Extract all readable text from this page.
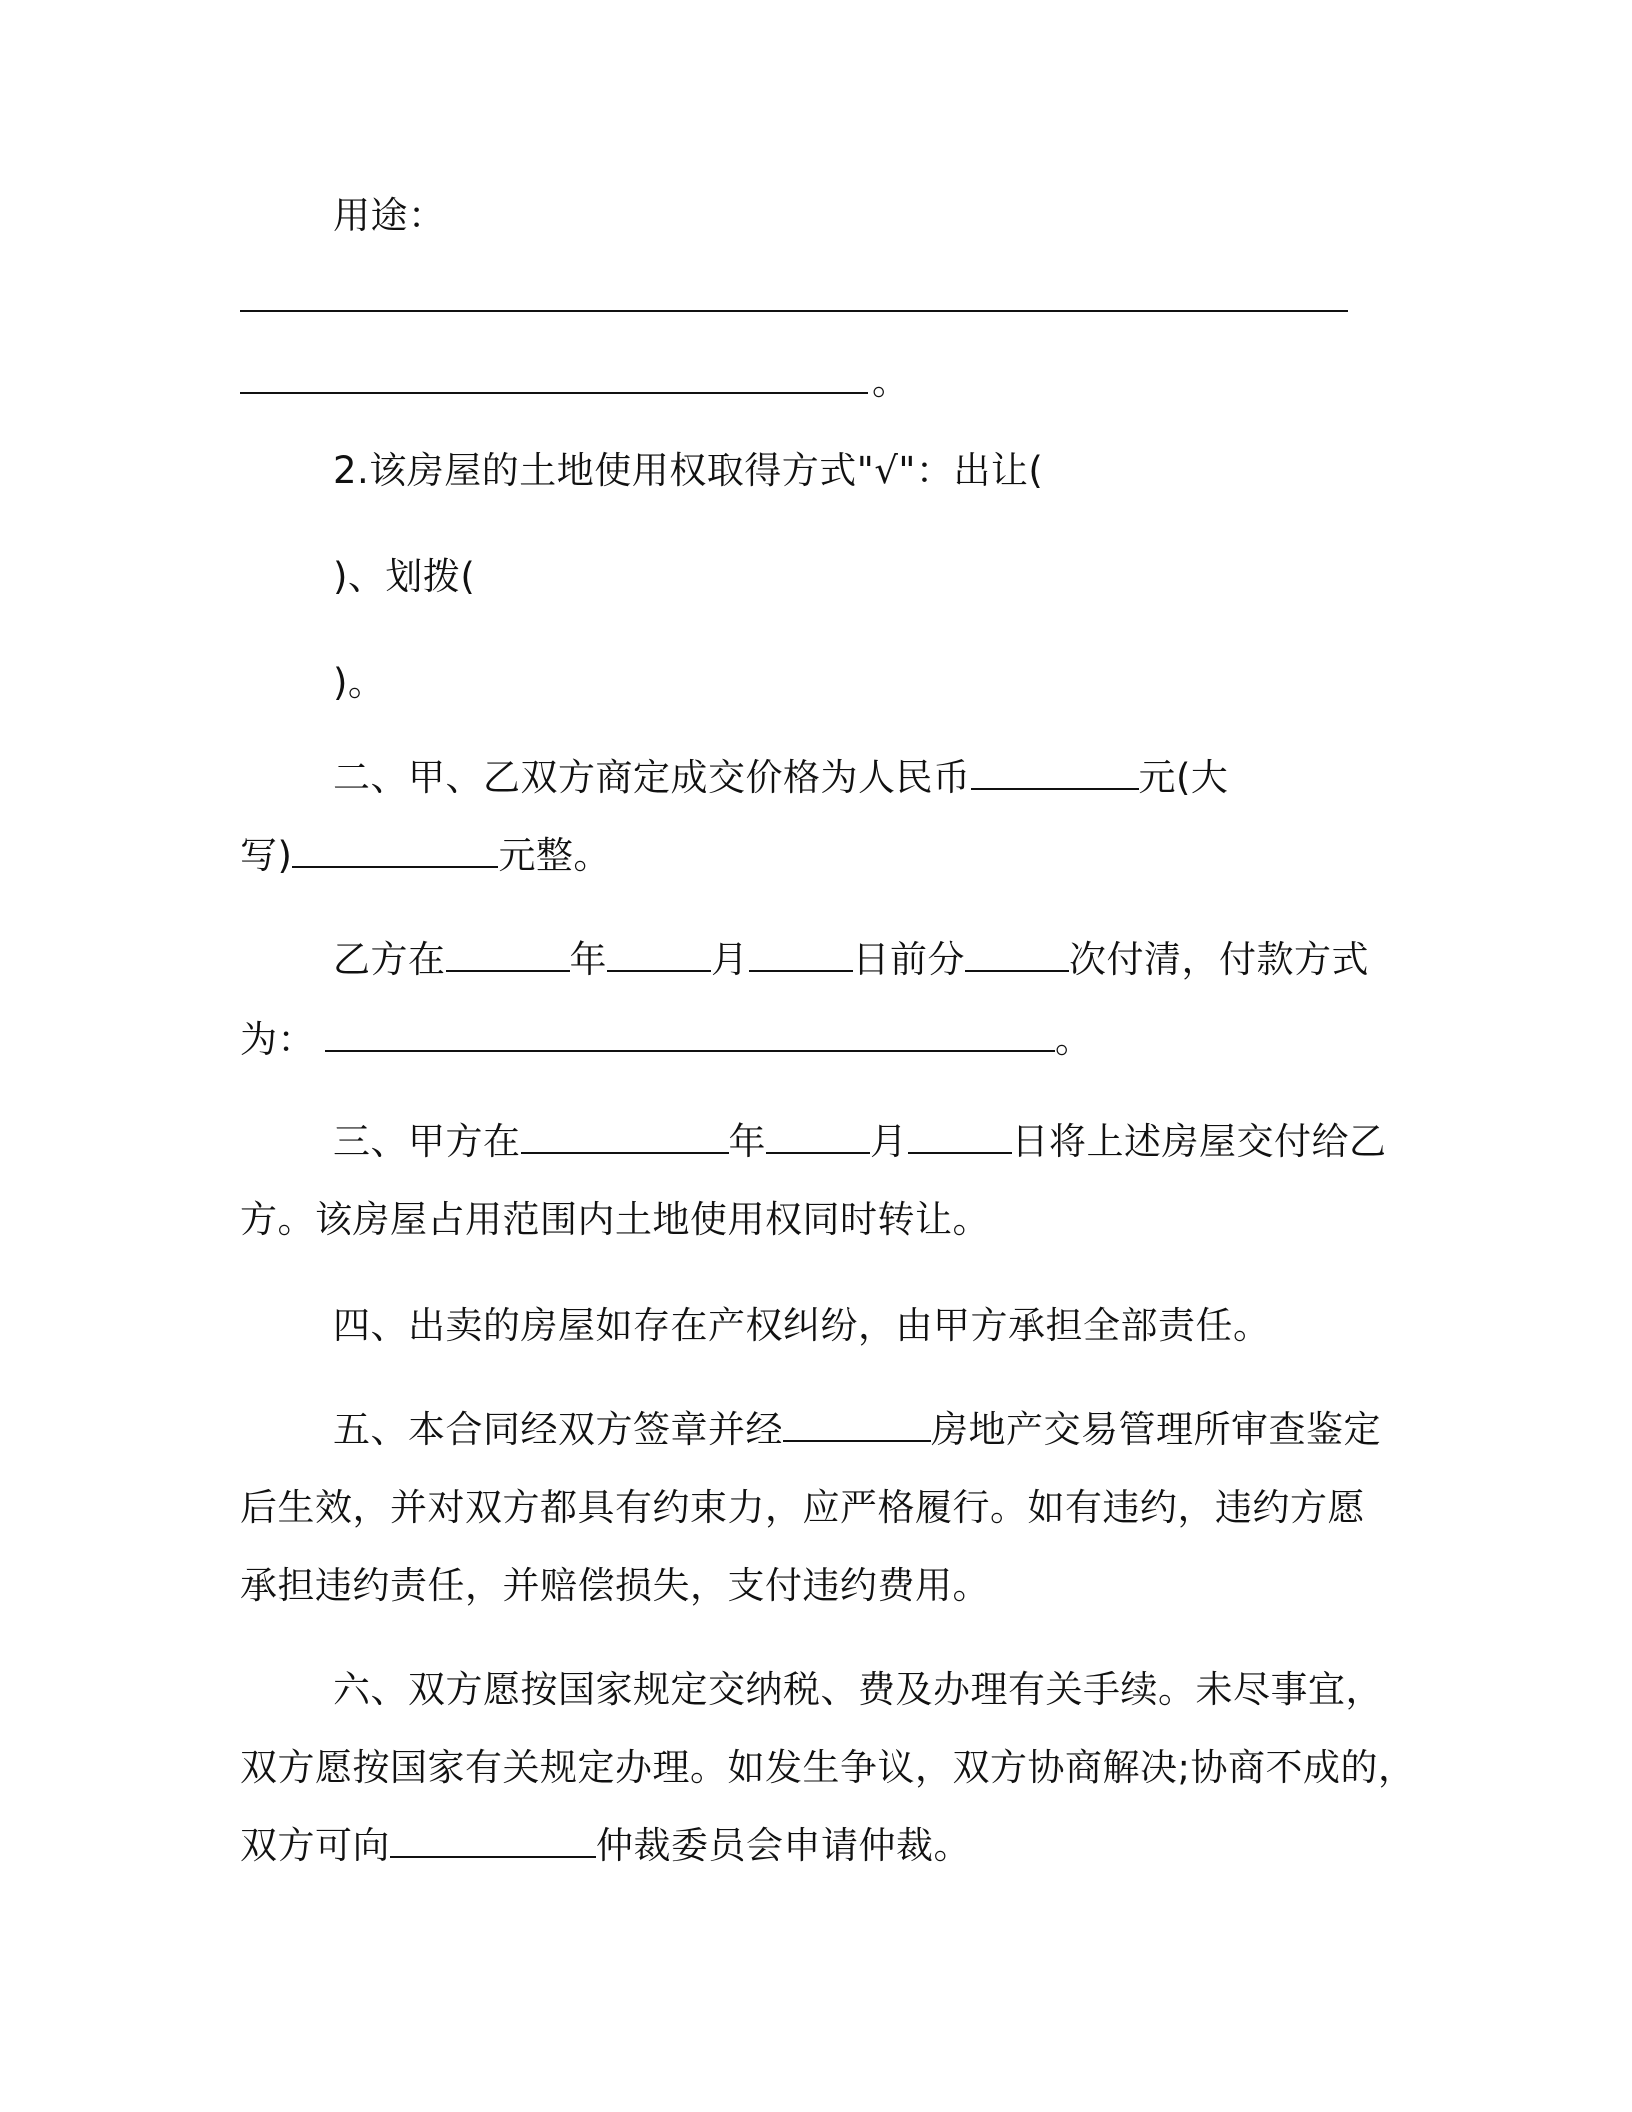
用途：
。
2.该房屋的土地使用权取得方式"√"：出让(
)、划拨(
)。
二、甲、乙双方商定成交价格为人民币	元(大
写)	元整。
乙方在	年	月	日前分	次付清，付款方式
为：	。
三、甲方在	年	月	日将上述房屋交付给乙
方。该房屋占用范围内土地使用权同时转让。
四、出卖的房屋如存在产权纠纷，由甲方承担全部责任。
五、本合同经双方签章并经	房地产交易管理所审查鉴定
后生效，并对双方都具有约束力，应严格履行。如有违约，违约方愿
承担违约责任，并赔偿损失，支付违约费用。
六、双方愿按国家规定交纳税、费及办理有关手续。未尽事宜，
双方愿按国家有关规定办理。如发生争议，双方协商解决;协商不成的，
双方可向	仲裁委员会申请仲裁。
